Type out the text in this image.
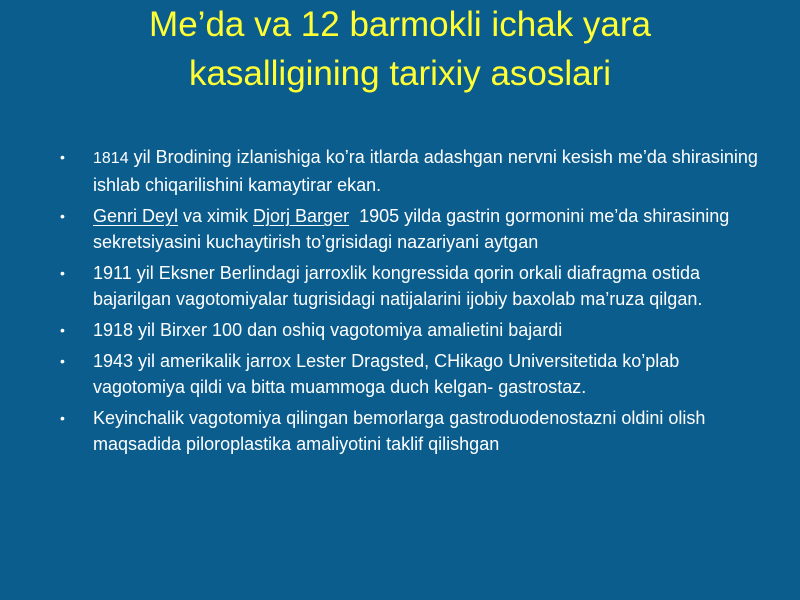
Me’da va 12 barmokli ichak yara
kasalligining tarixiy asoslari
•	1814 yil Brodining izlanishiga ko’ra itlarda adashgan nervni kesish me’da shirasining ishlab chiqarilishini kamaytirar ekan.
•	Genri Deyl va ximik Djorj Barger  1905 yilda gastrin gormonini me’da shirasining sekretsiyasini kuchaytirish to’grisidagi nazariyani aytgan
•	1911 yil Eksner Berlindagi jarroxlik kongressida qorin orkali diafragma ostida bajarilgan vagotomiyalar tugrisidagi natijalarini ijobiy baxolab ma’ruza qilgan.
•	1918 yil Birxer 100 dan oshiq vagotomiya amalietini bajardi
•	1943 yil amerikalik jarrox Lester Dragsted, CHikago Universitetida ko’plab vagotomiya qildi va bitta muammoga duch kelgan- gastrostaz.
•	Keyinchalik vagotomiya qilingan bemorlarga gastroduodenostazni oldini olish maqsadida piloroplastika amaliyotini taklif qilishgan
